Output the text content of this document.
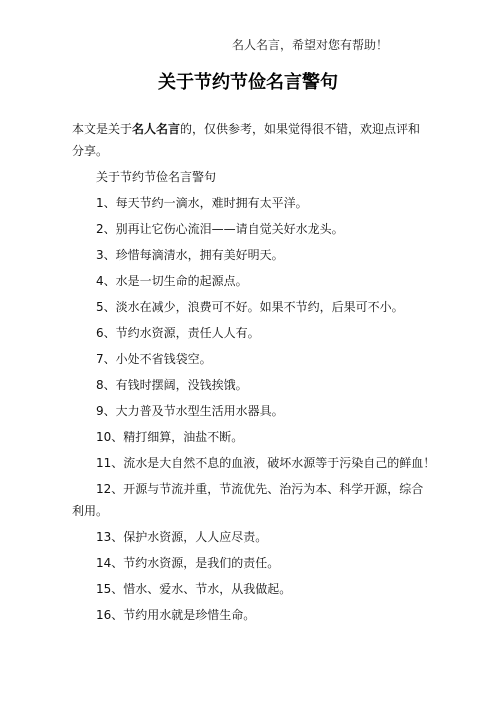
名人名言，希望对您有帮助！
关于节约节俭名言警句
本文是关于名人名言的，仅供参考，如果觉得很不错，欢迎点评和分享。
关于节约节俭名言警句
1、每天节约一滴水，难时拥有太平洋。
2、别再让它伤心流泪——请自觉关好水龙头。
3、珍惜每滴清水，拥有美好明天。
4、水是一切生命的起源点。
5、淡水在减少，浪费可不好。如果不节约，后果可不小。
6、节约水资源，责任人人有。
7、小处不省钱袋空。
8、有钱时摆阔，没钱挨饿。
9、大力普及节水型生活用水器具。
10、精打细算，油盐不断。
11、流水是大自然不息的血液，破坏水源等于污染自己的鲜血！
12、开源与节流并重，节流优先、治污为本、科学开源，综合利用。
13、保护水资源，人人应尽责。
14、节约水资源，是我们的责任。
15、惜水、爱水、节水，从我做起。
16、节约用水就是珍惜生命。
